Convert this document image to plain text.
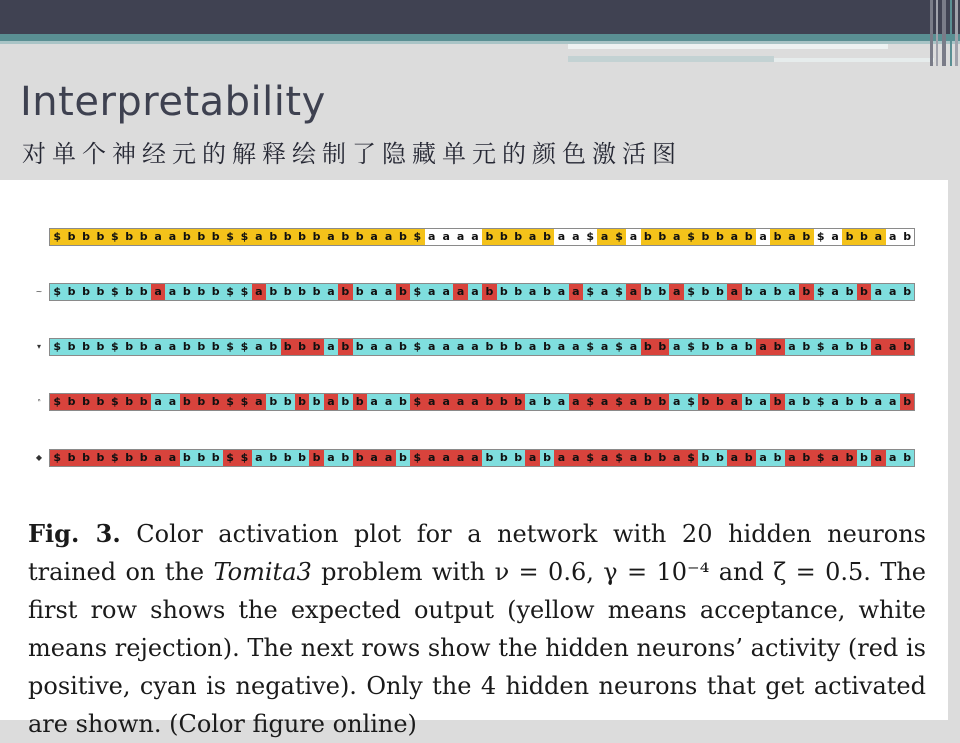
Interpretability
对单个神经元的解释绘制了隐藏单元的颜色激活图
$ b b b $ b b a a b b b $ $ a b b b b a b b a a b $ a a a a b b b a b a a $ a $ a b b a $ b b a b a b a b $ a b b a a b
~	$ b b b $ b b a a b b b $ $ a b b b b a b b a a b $ a a a a b b b a b a a $ a $ a b b a $ b b a b a b a b $ a b b a a b
▾	$ b b b $ b b a a b b b $ $ a b b b b a b b a a b $ a a a a b b b a b a a $ a $ a b b a $ b b a b a b a b $ a b b a a b
ᐢ	$ b b b $ b b a a b b b $ $ a b b b b a b b a a b $ a a a a b b b a b a a $ a $ a b b a $ b b a b a b a b $ a b b a a b
◆	$ b b b $ b b a a b b b $ $ a b b b b a b b a a b $ a a a a b b b a b a a $ a $ a b b a $ b b a b a b a b $ a b b a a b
Fig. 3. Color activation plot for a network with 20 hidden neurons trained on the Tomita3 problem with ν = 0.6, γ = 10⁻⁴ and ζ = 0.5. The first row shows the expected output (yellow means acceptance, white means rejection). The next rows show the hidden neurons’ activity (red is positive, cyan is negative). Only the 4 hidden neurons that get activated are shown. (Color figure online)
